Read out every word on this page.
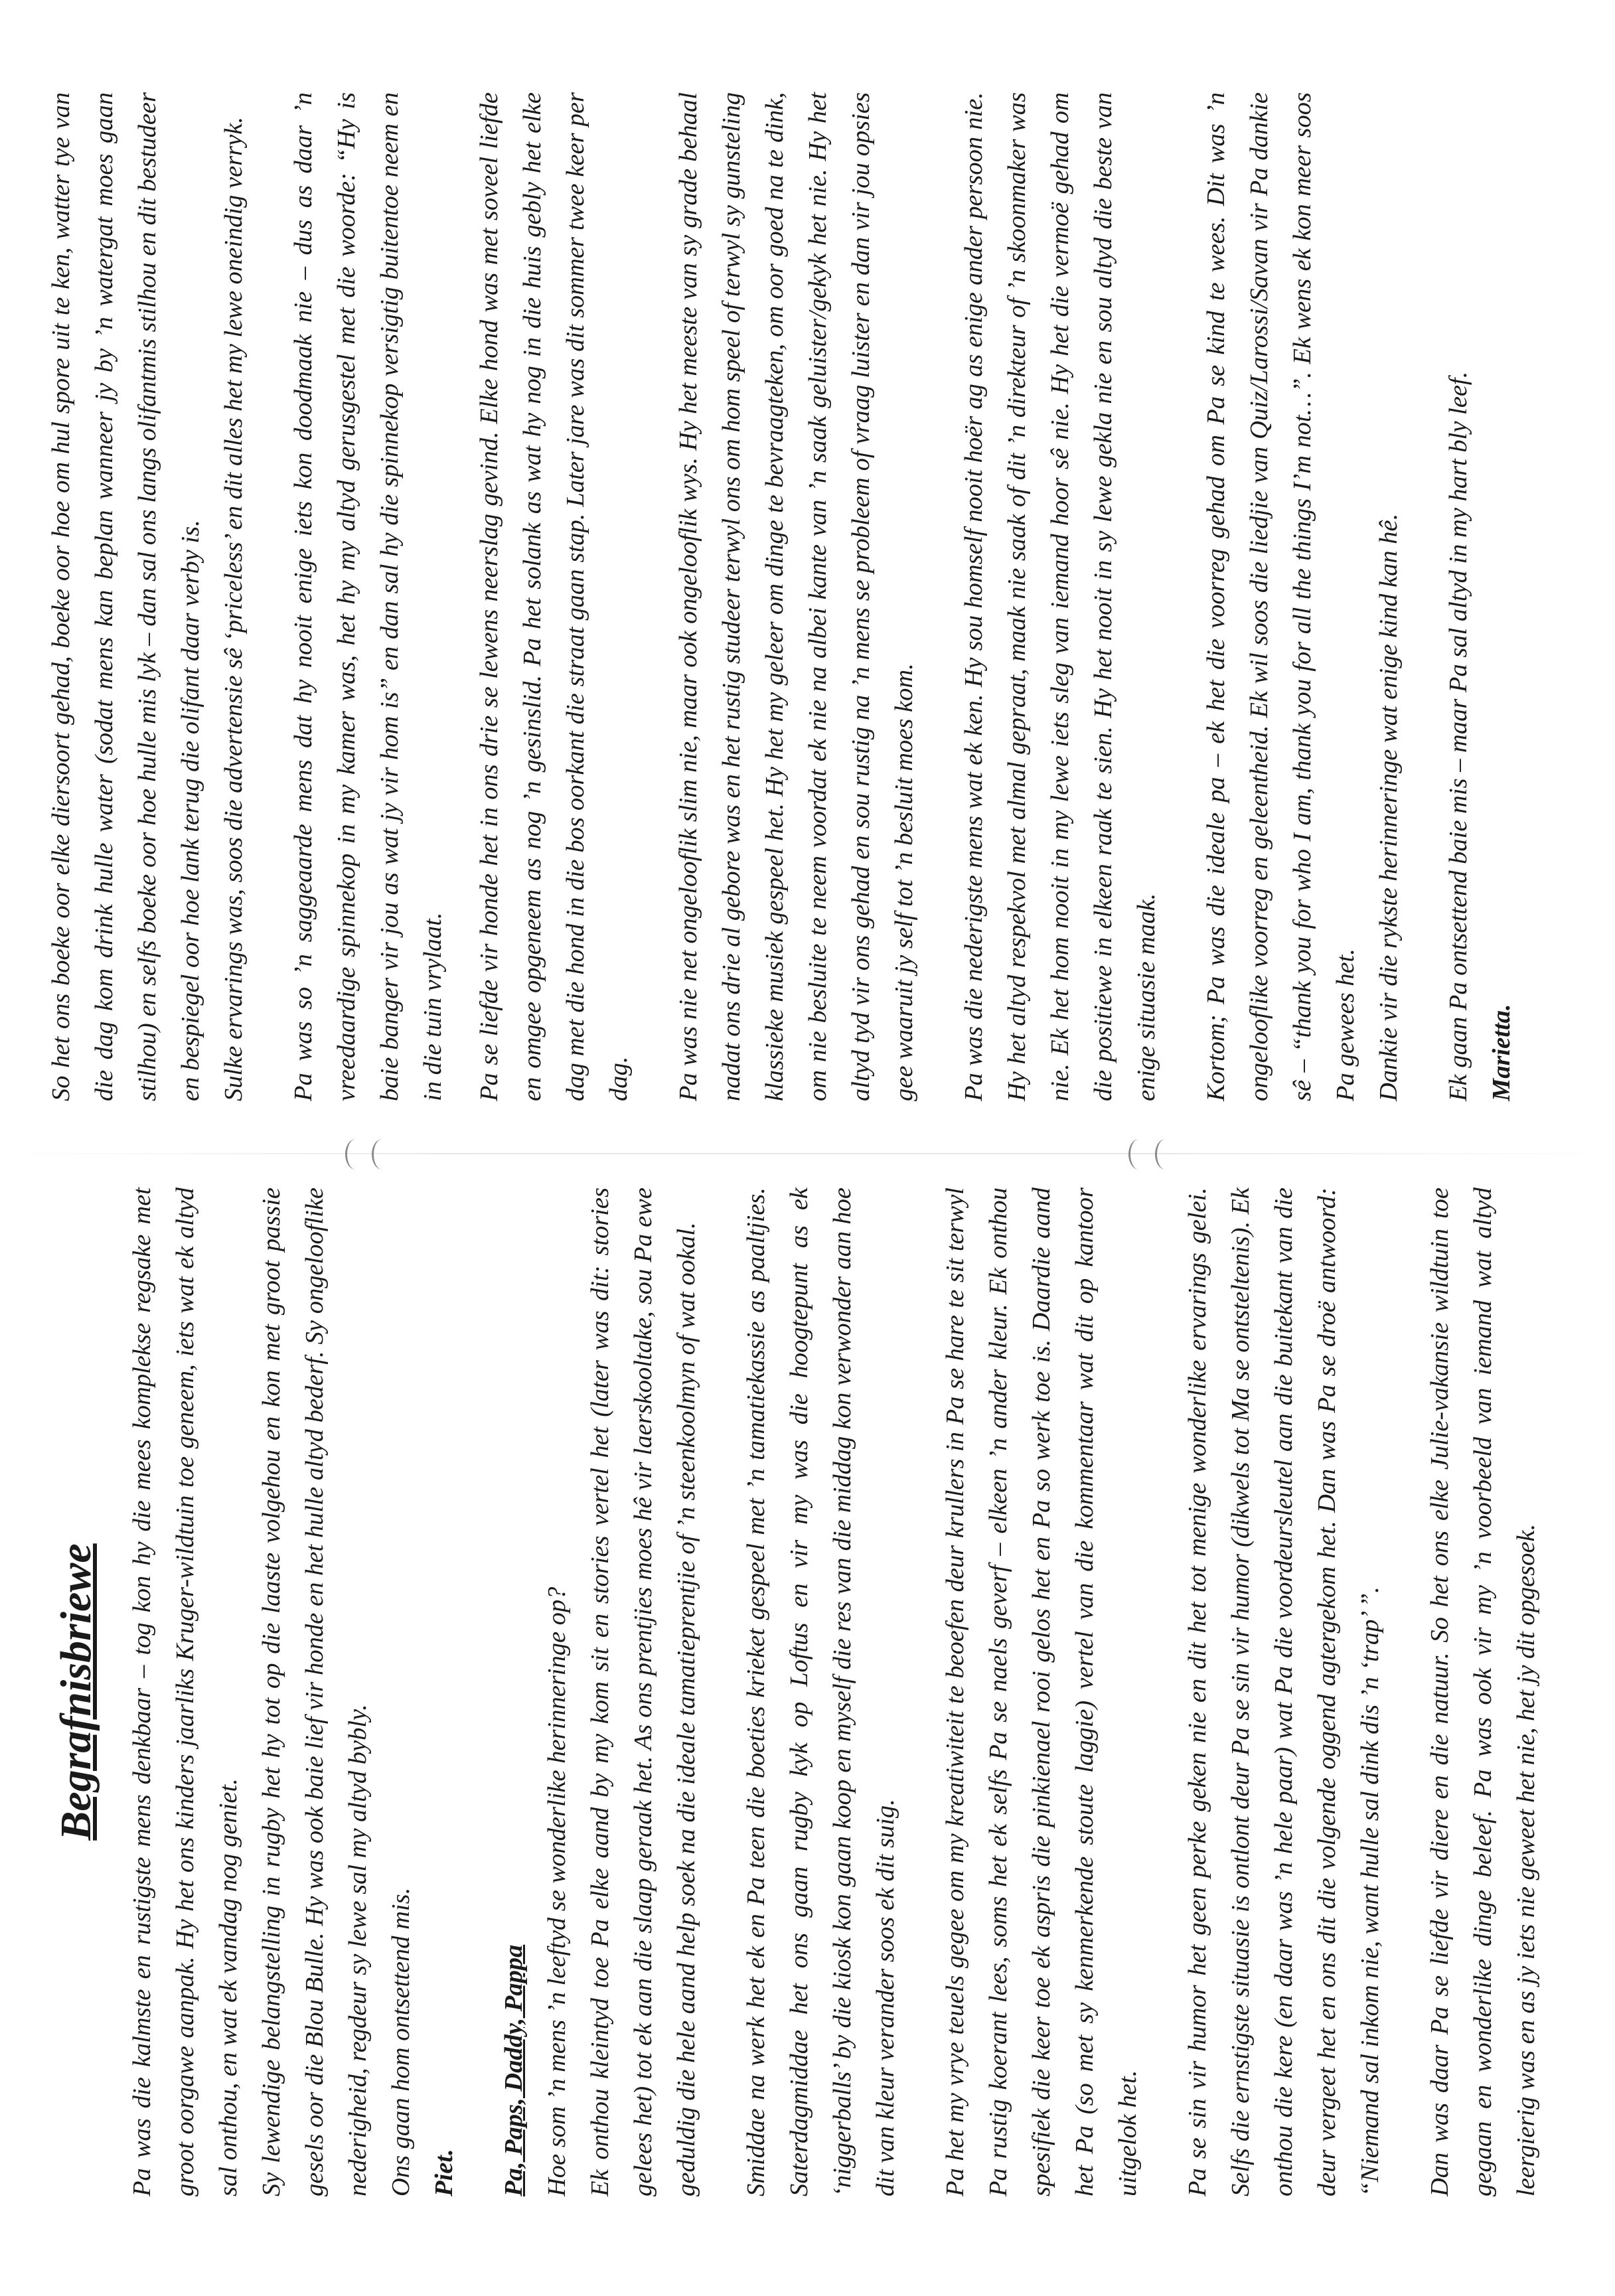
Begrafnisbriewe	Pa was die kalmste en rustigste mens denkbaar – tog kon hy die mees komplekse regsake met groot oorgawe aanpak. Hy het ons kinders jaarliks Kruger-wildtuin toe geneem, iets wat ek altyd sal onthou, en wat ek vandag nog geniet. Sy lewendige belangstelling in rugby het hy tot op die laaste volgehou en kon met groot passie gesels oor die Blou Bulle. Hy was ook baie lief vir honde en het hulle altyd bederf. Sy ongelooflike nederigheid, regdeur sy lewe sal my altyd bybly. Ons gaan hom ontsettend mis. Piet.	Pa, Paps, Daddy, Pappa Hoe som ’n mens ’n leeftyd se wonderlike herinneringe op? Ek onthou kleintyd toe Pa elke aand by my kom sit en stories vertel het (later was dit: stories gelees het) tot ek aan die slaap geraak het. As ons prentjies moes hê vir laerskooltake, sou Pa ewe geduldig die hele aand help soek na die ideale tamatieprentjie of ’n steenkoolmyn of wat ookal.	Smiddae na werk het ek en Pa teen die boeties krieket gespeel met ’n tamatiekassie as paaltjies. Saterdagmiddae het ons gaan rugby kyk op Loftus en vir my was die hoogtepunt as ek ‘niggerballs’ by die kiosk kon gaan koop en myself die res van die middag kon verwonder aan hoe dit van kleur verander soos ek dit suig.	Pa het my vrye teuels gegee om my kreatiwiteit te beoefen deur krullers in Pa se hare te sit terwyl Pa rustig koerant lees, soms het ek selfs Pa se naels geverf – elkeen ’n ander kleur. Ek onthou spesifiek die keer toe ek aspris die pinkienael rooi gelos het en Pa so werk toe is. Daardie aand het Pa (so met sy kenmerkende stoute laggie) vertel van die kommentaar wat dit op kantoor uitgelok het.	Pa se sin vir humor het geen perke geken nie en dit het tot menige wonderlike ervarings gelei. Selfs die ernstigste situasie is ontlont deur Pa se sin vir humor (dikwels tot Ma se ontsteltenis). Ek onthou die kere (en daar was ’n hele paar) wat Pa die voordeursleutel aan die buitekant van die deur vergeet het en ons dit die volgende oggend agtergekom het. Dan was Pa se droë antwoord: “Niemand sal inkom nie, want hulle sal dink dis ’n ‘trap’ ”.	Dan was daar Pa se liefde vir diere en die natuur. So het ons elke Julie-vakansie wildtuin toe gegaan en wonderlike dinge beleef. Pa was ook vir my ’n voorbeeld van iemand wat altyd leergierig was en as jy iets nie geweet het nie, het jy dit opgesoek.

So het ons boeke oor elke diersoort gehad, boeke oor hoe om hul spore uit te ken, watter tye van die dag kom drink hulle water (sodat mens kan beplan wanneer jy by ’n watergat moes gaan stilhou) en selfs boeke oor hoe hulle mis lyk – dan sal ons langs olifantmis stilhou en dit bestudeer en bespiegel oor hoe lank terug die olifant daar verby is. Sulke ervarings was, soos die advertensie sê ‘priceless’ en dit alles het my lewe oneindig verryk.	Pa was so ’n saggeaarde mens dat hy nooit enige iets kon doodmaak nie – dus as daar ’n vreedaardige spinnekop in my kamer was, het hy my altyd gerusgestel met die woorde: “Hy is baie banger vir jou as wat jy vir hom is” en dan sal hy die spinnekop versigtig buitentoe neem en in die tuin vrylaat.	Pa se liefde vir honde het in ons drie se lewens neerslag gevind. Elke hond was met soveel liefde en omgee opgeneem as nog ’n gesinslid. Pa het solank as wat hy nog in die huis gebly het elke dag met die hond in die bos oorkant die straat gaan stap. Later jare was dit sommer twee keer per dag.	Pa was nie net ongelooflik slim nie, maar ook ongelooflik wys. Hy het meeste van sy grade behaal nadat ons drie al gebore was en het rustig studeer terwyl ons om hom speel of terwyl sy gunsteling klassieke musiek gespeel het. Hy het my geleer om dinge te bevraagteken, om oor goed na te dink, om nie besluite te neem voordat ek nie na albei kante van ’n saak geluister/gekyk het nie. Hy het altyd tyd vir ons gehad en sou rustig na ’n mens se probleem of vraag luister en dan vir jou opsies gee waaruit jy self tot ’n besluit moes kom.	Pa was die nederigste mens wat ek ken. Hy sou homself nooit hoër ag as enige ander persoon nie. Hy het altyd respekvol met almal gepraat, maak nie saak of dit ’n direkteur of ’n skoonmaker was nie. Ek het hom nooit in my lewe iets sleg van iemand hoor sê nie. Hy het die vermoë gehad om die positiewe in elkeen raak te sien. Hy het nooit in sy lewe gekla nie en sou altyd die beste van enige situasie maak.	Kortom; Pa was die ideale pa – ek het die voorreg gehad om Pa se kind te wees. Dit was ’n ongelooflike voorreg en geleentheid. Ek wil soos die liedjie van Quiz/Larossi/Savan vir Pa dankie sê – “thank you for who I am, thank you for all the things I’m not…”. Ek wens ek kon meer soos Pa gewees het. Dankie vir die rykste herinneringe wat enige kind kan hê.	Ek gaan Pa ontsettend baie mis – maar Pa sal altyd in my hart bly leef. Marietta.
